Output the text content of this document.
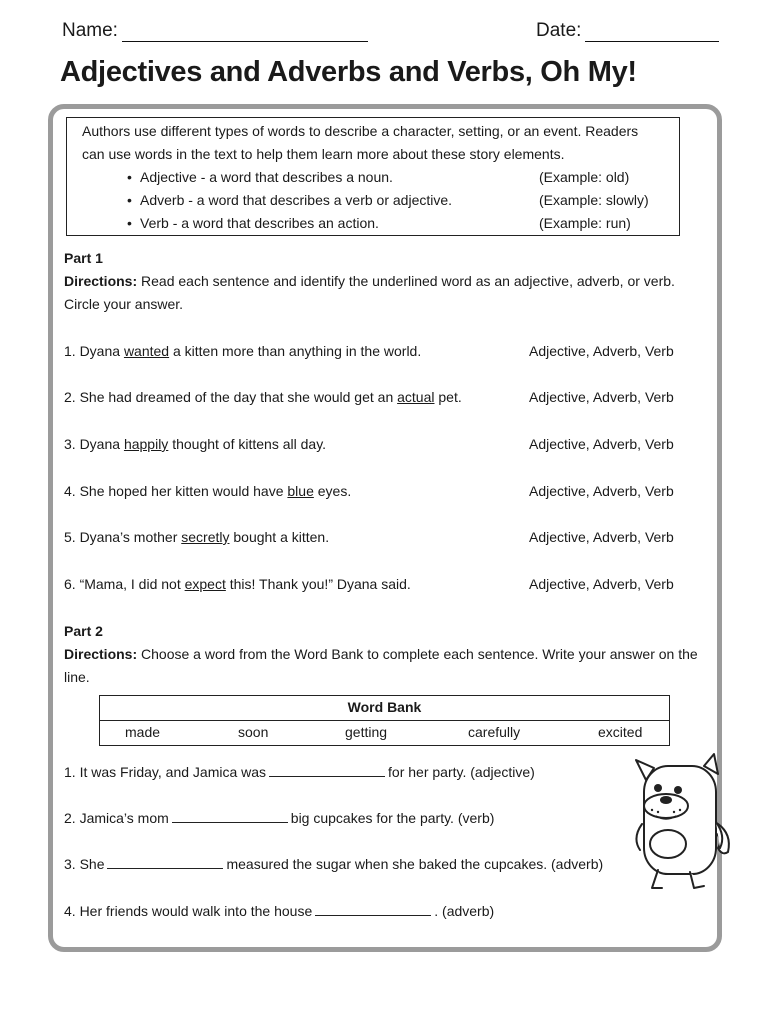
Name:	Date:
Adjectives and Adverbs and Verbs, Oh My!

Authors use different types of words to describe a character, setting, or an event. Readers can use words in the text to help them learn more about these story elements.

• Adjective - a word that describes a noun.	(Example: old)
• Adverb - a word that describes a verb or adjective.	(Example: slowly)
• Verb - a word that describes an action.	(Example: run)
Part 1
Directions: Read each sentence and identify the underlined word as an adjective, adverb, or verb. Circle your answer.
1. Dyana wanted a kitten more than anything in the world.	Adjective, Adverb, Verb
2. She had dreamed of the day that she would get an actual pet.	Adjective, Adverb, Verb
3. Dyana happily thought of kittens all day.	Adjective, Adverb, Verb
4. She hoped her kitten would have blue eyes.	Adjective, Adverb, Verb
5. Dyana’s mother secretly bought a kitten.	Adjective, Adverb, Verb
6. “Mama, I did not expect this! Thank you!” Dyana said.	Adjective, Adverb, Verb
Part 2
Directions: Choose a word from the Word Bank to complete each sentence. Write your answer on the line.
Word Bank
made	soon	getting	carefully	excited
1. It was Friday, and Jamica was	for her party. (adjective)
2. Jamica’s mom	big cupcakes for the party. (verb)
3. She	measured the sugar when she baked the cupcakes. (adverb)
4. Her friends would walk into the house	. (adverb)
